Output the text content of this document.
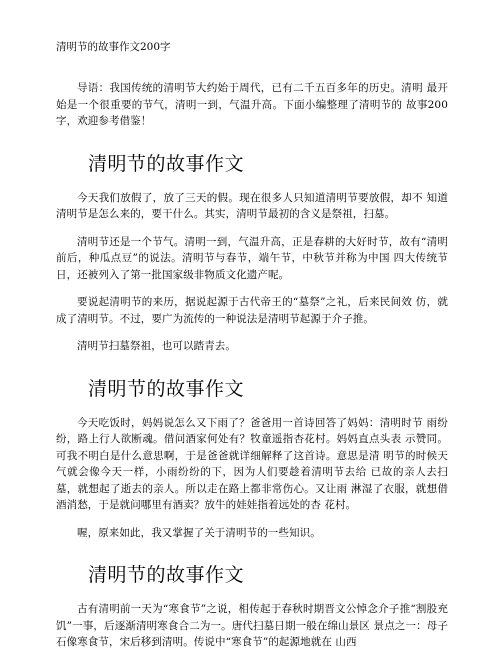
清明节的故事作文200字

导语：我国传统的清明节大约始于周代，已有二千五百多年的历史。清明 最开始是一个很重要的节气，清明一到，气温升高。下面小编整理了清明节的 故事200字，欢迎参考借鉴！

清明节的故事作文

今天我们放假了，放了三天的假。现在很多人只知道清明节要放假，却不 知道清明节是怎么来的，要干什么。其实，清明节最初的含义是祭祖，扫墓。

清明节还是一个节气。清明一到，气温升高，正是春耕的大好时节，故有“清明前后，种瓜点豆”的说法。清明节与春节，端午节，中秋节并称为中国 四大传统节日，还被列入了第一批国家级非物质文化遗产呢。

要说起清明节的来历，据说起源于古代帝王的“墓祭”之礼，后来民间效 仿，就成了清明节。不过，要广为流传的一种说法是清明节起源于介子推。

清明节扫墓祭祖，也可以踏青去。

清明节的故事作文

今天吃饭时，妈妈说怎么又下雨了？爸爸用一首诗回答了妈妈：清明时节 雨纷纷，路上行人欲断魂。借问酒家何处有？牧童遥指杏花村。妈妈直点头表 示赞同。可我不明白是什么意思啊，于是爸爸就详细解释了这首诗。意思是清 明节的时候天气就会像今天一样，小雨纷纷的下，因为人们要趁着清明节去给 已故的亲人去扫墓，就想起了逝去的亲人。所以走在路上都非常伤心。又让雨 淋湿了衣服，就想借酒消愁，于是就问哪里有酒卖？放牛的娃娃指着远处的杏 花村。

喔，原来如此，我又掌握了关于清明节的一些知识。

清明节的故事作文

古有清明前一天为“寒食节”之说，相传起于春秋时期晋文公悼念介子推“割股充饥”一事，后逐渐清明寒食合二为一。唐代扫墓日期一般在绵山景区 景点之一：母子石像寒食节，宋后移到清明。传说中“寒食节”的起源地就在 山西
